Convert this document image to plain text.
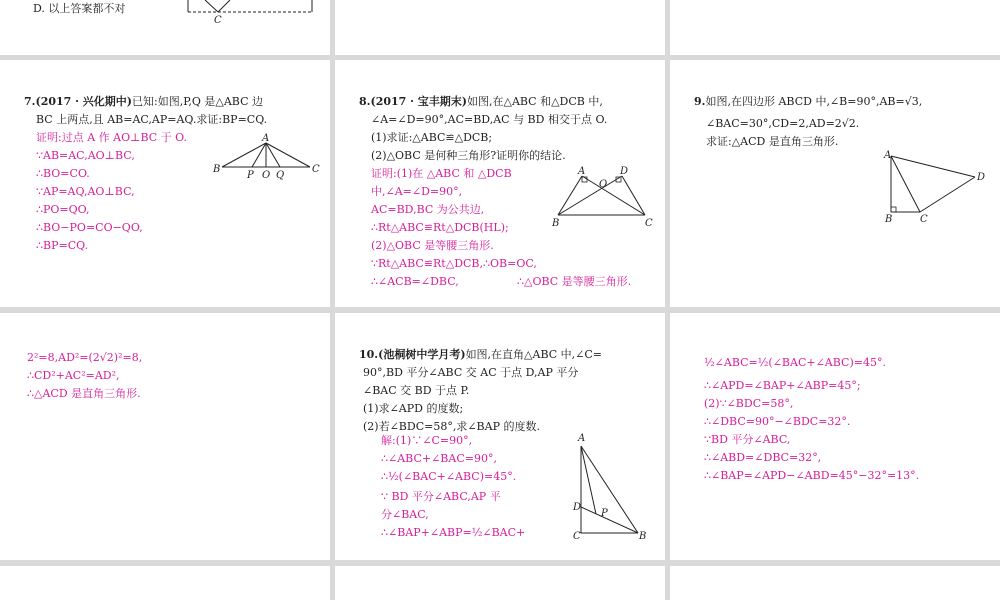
D. 以上答案都不对
C
7.(2017 · 兴化期中)已知:如图,P,Q 是△ABC 边
BC 上两点,且 AB=AC,AP=AQ.求证:BP=CQ.
证明:过点 A 作 AO⊥BC 于 O.
∵AB=AC,AO⊥BC,
∴BO=CO.
∵AP=AQ,AO⊥BC,
∴PO=QO,
∴BO−PO=CO−QO,
∴BP=CQ.
A
B
P O Q
C
8.(2017 · 宝丰期末)如图,在△ABC 和△DCB 中,
∠A=∠D=90°,AC=BD,AC 与 BD 相交于点 O.
(1)求证:△ABC≌△DCB;
(2)△OBC 是何种三角形?证明你的结论.
证明:(1)在 △ABC 和 △DCB
中,∠A=∠D=90°,
AC=BD,BC 为公共边,
∴Rt△ABC≌Rt△DCB(HL);
(2)△OBC 是等腰三角形.
∵Rt△ABC≌Rt△DCB,∴OB=OC,
∴∠ACB=∠DBC,	∴△OBC 是等腰三角形.
A
O
D
B	C
9.如图,在四边形 ABCD 中,∠B=90°,AB=√3,
∠BAC=30°,CD=2,AD=2√2.
求证:△ACD 是直角三角形.
A
D
B	C
2²=8,AD²=(2√2)²=8,
∴CD²+AC²=AD²,
∴△ACD 是直角三角形.
10.(池桐树中学月考)如图,在直角△ABC 中,∠C=
90°,BD 平分∠ABC 交 AC 于点 D,AP 平分
∠BAC 交 BD 于点 P.
(1)求∠APD 的度数;
(2)若∠BDC=58°,求∠BAP 的度数.
解:(1)∵∠C=90°,
∴∠ABC+∠BAC=90°,
∴½(∠BAC+∠ABC)=45°.
∵ BD 平分∠ABC,AP 平
分∠BAC,
∴∠BAP+∠ABP=½∠BAC+
A
D
P
C	B
½∠ABC=½(∠BAC+∠ABC)=45°.
∴∠APD=∠BAP+∠ABP=45°;
(2)∵∠BDC=58°,
∴∠DBC=90°−∠BDC=32°.
∵BD 平分∠ABC,
∴∠ABD=∠DBC=32°,
∴∠BAP=∠APD−∠ABD=45°−32°=13°.
